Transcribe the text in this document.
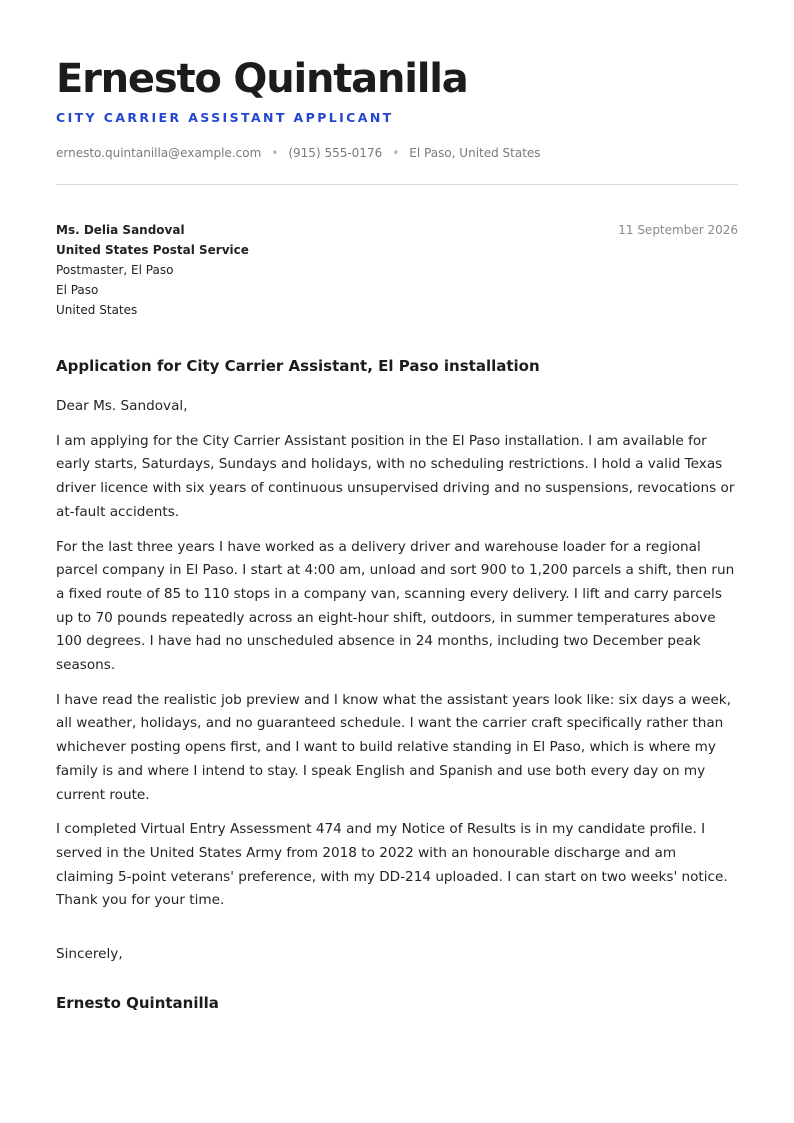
Ernesto Quintanilla
CITY CARRIER ASSISTANT APPLICANT
ernesto.quintanilla@example.com • (915) 555-0176 • El Paso, United States
Ms. Delia Sandoval
United States Postal Service
Postmaster, El Paso
El Paso
United States
11 September 2026
Application for City Carrier Assistant, El Paso installation

Dear Ms. Sandoval,

I am applying for the City Carrier Assistant position in the El Paso installation. I am available for early starts, Saturdays, Sundays and holidays, with no scheduling restrictions. I hold a valid Texas driver licence with six years of continuous unsupervised driving and no suspensions, revocations or at-fault accidents.

For the last three years I have worked as a delivery driver and warehouse loader for a regional parcel company in El Paso. I start at 4:00 am, unload and sort 900 to 1,200 parcels a shift, then run a fixed route of 85 to 110 stops in a company van, scanning every delivery. I lift and carry parcels up to 70 pounds repeatedly across an eight-hour shift, outdoors, in summer temperatures above 100 degrees. I have had no unscheduled absence in 24 months, including two December peak seasons.

I have read the realistic job preview and I know what the assistant years look like: six days a week, all weather, holidays, and no guaranteed schedule. I want the carrier craft specifically rather than whichever posting opens first, and I want to build relative standing in El Paso, which is where my family is and where I intend to stay. I speak English and Spanish and use both every day on my current route.

I completed Virtual Entry Assessment 474 and my Notice of Results is in my candidate profile. I served in the United States Army from 2018 to 2022 with an honourable discharge and am claiming 5-point veterans' preference, with my DD-214 uploaded. I can start on two weeks' notice. Thank you for your time.

Sincerely,
Ernesto Quintanilla
